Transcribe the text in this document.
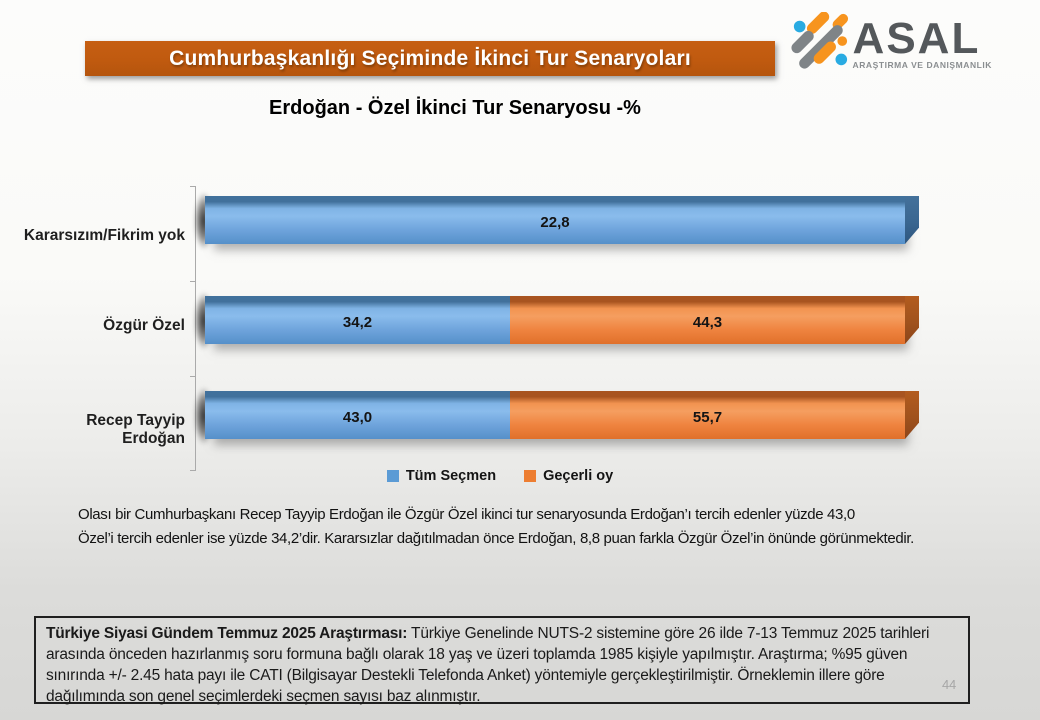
Cumhurbaşkanlığı Seçiminde İkinci Tur Senaryoları	ASAL
ARAŞTIRMA VE DANIŞMANLIK
Erdoğan - Özel İkinci Tur Senaryosu -%
Kararsızım/Fikrim yok
Özgür Özel
Recep Tayyip Erdoğan
22,8
34,2	44,3
43,0	55,7
Tüm Seçmen	Geçerli oy
Olası bir Cumhurbaşkanı Recep Tayyip Erdoğan ile Özgür Özel ikinci tur senaryosunda Erdoğan’ı tercih edenler yüzde 43,0
Özel’i tercih edenler ise yüzde 34,2’dir. Kararsızlar dağıtılmadan önce Erdoğan, 8,8 puan farkla Özgür Özel’in önünde görünmektedir.
Türkiye Siyasi Gündem Temmuz 2025 Araştırması: Türkiye Genelinde NUTS-2 sistemine göre 26 ilde 7-13 Temmuz 2025 tarihleri arasında önceden hazırlanmış soru formuna bağlı olarak 18 yaş ve üzeri toplamda 1985 kişiyle yapılmıştır. Araştırma; %95 güven sınırında +/- 2.45 hata payı ile CATI (Bilgisayar Destekli Telefonda Anket) yöntemiyle gerçekleştirilmiştir. Örneklemin illere göre dağılımında son genel seçimlerdeki seçmen sayısı baz alınmıştır.
44
